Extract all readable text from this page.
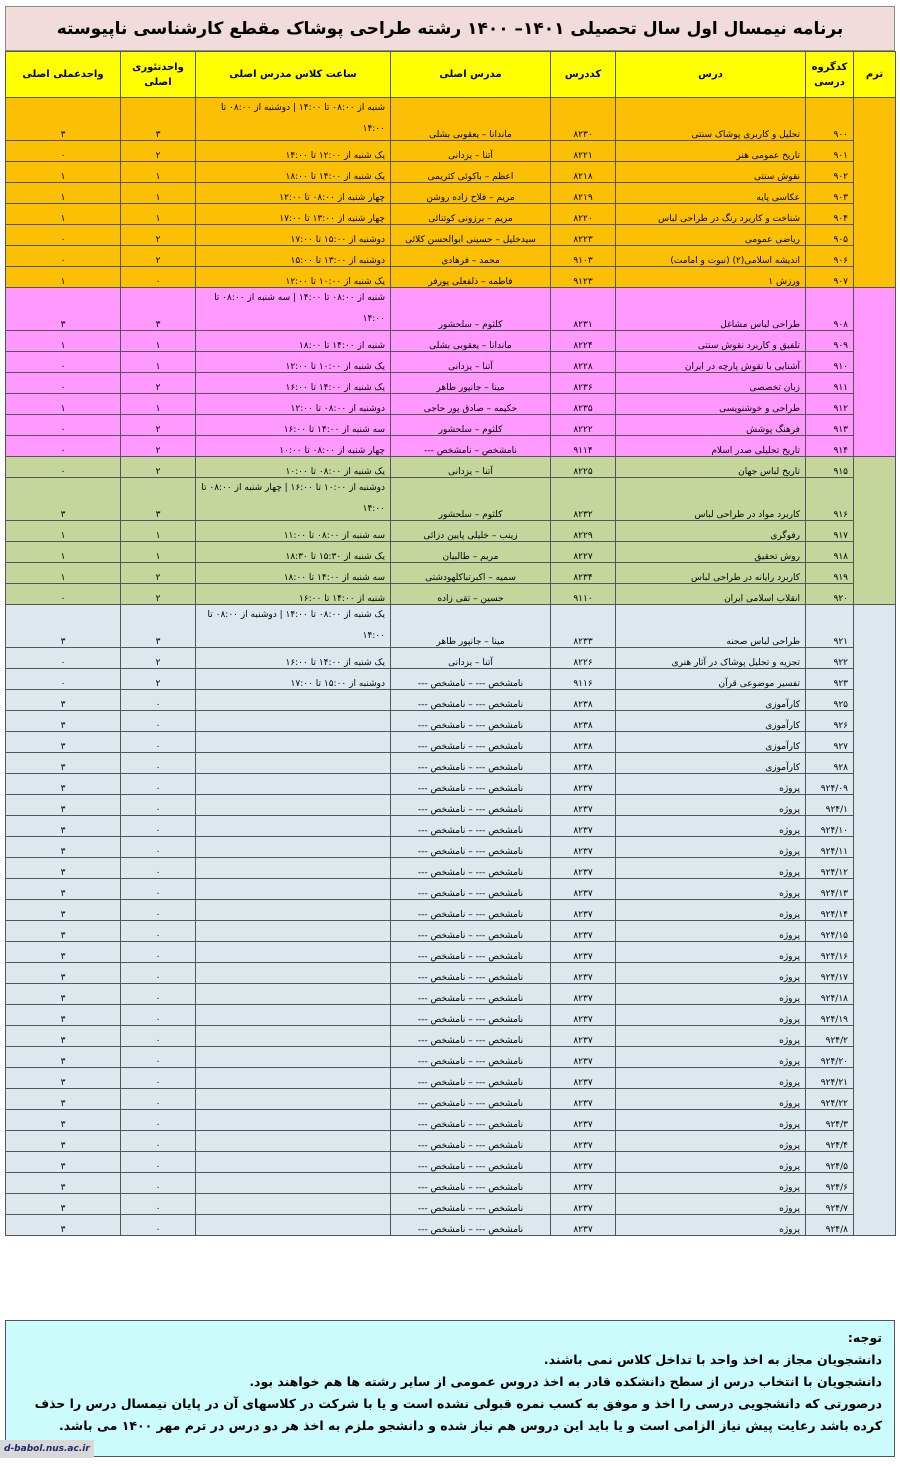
برنامه نیمسال اول سال تحصیلی ۱۴۰۱– ۱۴۰۰ رشته طراحی پوشاک مقطع کارشناسی ناپیوسته
ترم	کدگروه درسی	درس	کددرس	مدرس اصلی	ساعت کلاس مدرس اصلی	واحدتئوری اصلی	واحدعملی اصلی
	۹۰۰	تحلیل و کاربری پوشاک سنتی	۸۲۳۰	ماندانا – یعقوبی بشلی	شنبه از ۰۸:۰۰ تا ۱۴:۰۰ | دوشنبه از ۰۸:۰۰ تا ۱۴:۰۰	۳	۳
	۹۰۱	تاریخ عمومی هنر	۸۲۲۱	آتنا – یزدانی	یک شنبه از ۱۲:۰۰ تا ۱۴:۰۰	۲	۰
	۹۰۲	نقوش سنتی	۸۲۱۸	اعظم – باکوئی کثریمی	یک شنبه از ۱۴:۰۰ تا ۱۸:۰۰	۱	۱
	۹۰۳	عکاسی پایه	۸۲۱۹	مریم – فلاح زاده روشن	چهار شنبه از ۰۸:۰۰ تا ۱۲:۰۰	۱	۱
	۹۰۴	شناخت و کاربرد رنگ در طراحی لباس	۸۲۲۰	مریم – برزونی کوتنائی	چهار شنبه از ۱۳:۰۰ تا ۱۷:۰۰	۱	۱
	۹۰۵	ریاضی عمومی	۸۲۲۳	سیدخلیل – حسینی ابوالحسن کلائی	دوشنبه از ۱۵:۰۰ تا ۱۷:۰۰	۲	۰
	۹۰۶	اندیشه اسلامی(۲) (نبوت و امامت)	۹۱۰۳	محمد – فرهادی	دوشنبه از ۱۳:۰۰ تا ۱۵:۰۰	۲	۰
	۹۰۷	ورزش ۱	۹۱۲۳	فاطمه – ذلفعلی پورفر	یک شنبه از ۱۰:۰۰ تا ۱۲:۰۰	۰	۱
	۹۰۸	طراحی لباس مشاغل	۸۲۳۱	کلثوم – سلحشور	شنبه از ۰۸:۰۰ تا ۱۴:۰۰ | سه شنبه از ۰۸:۰۰ تا ۱۴:۰۰	۳	۳
	۹۰۹	تلفیق و کاربرد نقوش سنتی	۸۲۲۴	ماندانا – یعقوبی بشلی	شنبه از ۱۴:۰۰ تا ۱۸:۰۰	۱	۱
	۹۱۰	آشنایی با نقوش پارچه در ایران	۸۲۲۸	آتنا – یزدانی	یک شنبه از ۱۰:۰۰ تا ۱۲:۰۰	۱	۰
	۹۱۱	زبان تخصصی	۸۲۳۶	مینا – جانپور طاهر	یک شنبه از ۱۴:۰۰ تا ۱۶:۰۰	۲	۰
	۹۱۲	طراحی و خوشنویسی	۸۲۳۵	حکیمه – صادق پور حاجی	دوشنبه از ۰۸:۰۰ تا ۱۲:۰۰	۱	۱
	۹۱۳	فرهنگ پوشش	۸۲۲۲	کلثوم – سلحشور	سه شنبه از ۱۴:۰۰ تا ۱۶:۰۰	۲	۰
	۹۱۴	تاریخ تحلیلی صدر اسلام	۹۱۱۴	نامشخص – نامشخص ---	چهار شنبه از ۰۸:۰۰ تا ۱۰:۰۰	۲	۰
	۹۱۵	تاریخ لباس جهان	۸۲۲۵	آتنا – یزدانی	یک شنبه از ۰۸:۰۰ تا ۱۰:۰۰	۲	۰
	۹۱۶	کاربرد مواد در طراحی لباس	۸۲۳۲	کلثوم – سلحشور	دوشنبه از ۱۰:۰۰ تا ۱۶:۰۰ | چهار شنبه از ۰۸:۰۰ تا ۱۴:۰۰	۳	۳
	۹۱۷	رفوگری	۸۲۲۹	زینب – خلیلی پایین دزائی	سه شنبه از ۰۸:۰۰ تا ۱۱:۰۰	۱	۱
	۹۱۸	روش تحقیق	۸۲۲۷	مریم – طالبیان	یک شنبه از ۱۵:۳۰ تا ۱۸:۳۰	۱	۱
	۹۱۹	کاربرد رایانه در طراحی لباس	۸۲۳۴	سمیه – اکبرتباکلهودشتی	سه شنبه از ۱۴:۰۰ تا ۱۸:۰۰	۲	۱
	۹۲۰	انقلاب اسلامی ایران	۹۱۱۰	حسین – تقی زاده	شنبه از ۱۴:۰۰ تا ۱۶:۰۰	۲	۰
	۹۲۱	طراحی لباس صحنه	۸۲۳۳	مینا – جانپور طاهر	یک شنبه از ۰۸:۰۰ تا ۱۴:۰۰ | دوشنبه از ۰۸:۰۰ تا ۱۴:۰۰	۳	۳
	۹۲۲	تجزیه و تحلیل پوشاک در آثار هنری	۸۲۲۶	آتنا – یزدانی	یک شنبه از ۱۴:۰۰ تا ۱۶:۰۰	۲	۰
	۹۲۳	تفسیر موضوعی قرآن	۹۱۱۶	نامشخص --- – نامشخص ---	دوشنبه از ۱۵:۰۰ تا ۱۷:۰۰	۲	۰
	۹۲۵	کارآموزی	۸۲۳۸	نامشخص --- – نامشخص ---		۰	۳
	۹۲۶	کارآموزی	۸۲۳۸	نامشخص --- – نامشخص ---		۰	۳
	۹۲۷	کارآموزی	۸۲۳۸	نامشخص --- – نامشخص ---		۰	۳
	۹۲۸	کارآموزی	۸۲۳۸	نامشخص --- – نامشخص ---		۰	۳
	۹۲۴/۰۹	پروژه	۸۲۳۷	نامشخص --- – نامشخص ---		۰	۳
	۹۲۴/۱	پروژه	۸۲۳۷	نامشخص --- – نامشخص ---		۰	۳
	۹۲۴/۱۰	پروژه	۸۲۳۷	نامشخص --- – نامشخص ---		۰	۳
	۹۲۴/۱۱	پروژه	۸۲۳۷	نامشخص --- – نامشخص ---		۰	۳
	۹۲۴/۱۲	پروژه	۸۲۳۷	نامشخص --- – نامشخص ---		۰	۳
	۹۲۴/۱۳	پروژه	۸۲۳۷	نامشخص --- – نامشخص ---		۰	۳
	۹۲۴/۱۴	پروژه	۸۲۳۷	نامشخص --- – نامشخص ---		۰	۳
	۹۲۴/۱۵	پروژه	۸۲۳۷	نامشخص --- – نامشخص ---		۰	۳
	۹۲۴/۱۶	پروژه	۸۲۳۷	نامشخص --- – نامشخص ---		۰	۳
	۹۲۴/۱۷	پروژه	۸۲۳۷	نامشخص --- – نامشخص ---		۰	۳
	۹۲۴/۱۸	پروژه	۸۲۳۷	نامشخص --- – نامشخص ---		۰	۳
	۹۲۴/۱۹	پروژه	۸۲۳۷	نامشخص --- – نامشخص ---		۰	۳
	۹۲۴/۲	پروژه	۸۲۳۷	نامشخص --- – نامشخص ---		۰	۳
	۹۲۴/۲۰	پروژه	۸۲۳۷	نامشخص --- – نامشخص ---		۰	۳
	۹۲۴/۲۱	پروژه	۸۲۳۷	نامشخص --- – نامشخص ---		۰	۳
	۹۲۴/۲۲	پروژه	۸۲۳۷	نامشخص --- – نامشخص ---		۰	۳
	۹۲۴/۳	پروژه	۸۲۳۷	نامشخص --- – نامشخص ---		۰	۳
	۹۲۴/۴	پروژه	۸۲۳۷	نامشخص --- – نامشخص ---		۰	۳
	۹۲۴/۵	پروژه	۸۲۳۷	نامشخص --- – نامشخص ---		۰	۳
	۹۲۴/۶	پروژه	۸۲۳۷	نامشخص --- – نامشخص ---		۰	۳
	۹۲۴/۷	پروژه	۸۲۳۷	نامشخص --- – نامشخص ---		۰	۳
	۹۲۴/۸	پروژه	۸۲۳۷	نامشخص --- – نامشخص ---		۰	۳

توجه:

دانشجویان مجاز به اخذ واحد با تداخل کلاس نمی باشند.

دانشجویان با انتخاب درس از سطح دانشکده قادر به اخذ دروس عمومی از سایر رشته ها هم خواهند بود.

درصورتی که دانشجویی درسی را اخذ و موفق به کسب نمره قبولی نشده است و یا با شرکت در کلاسهای آن در پایان نیمسال درس را حذف کرده باشد رعایت پیش نیاز الزامی است و یا باید این دروس هم نیاز شده و دانشجو ملزم به اخذ هر دو درس در ترم مهر ۱۴۰۰ می باشد.

d-babol.nus.ac.ir
